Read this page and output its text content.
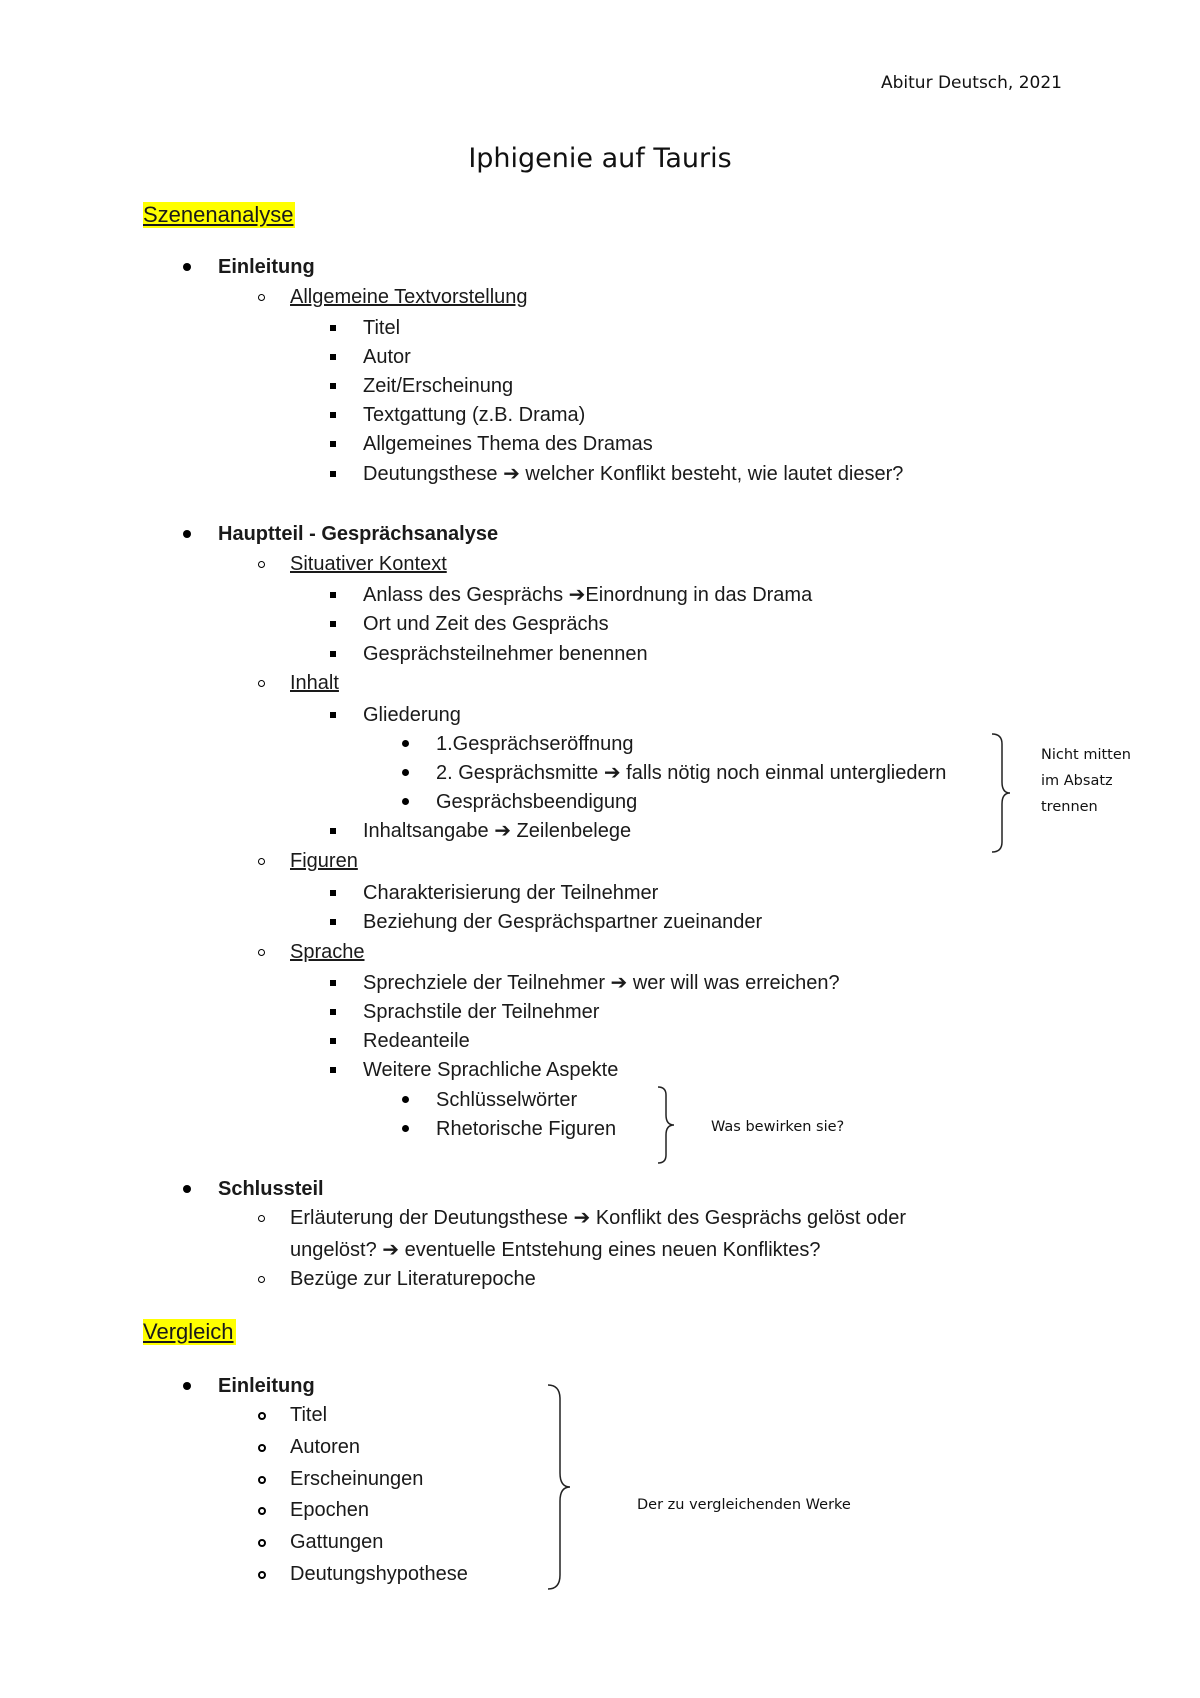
Abitur Deutsch, 2021
Iphigenie auf Tauris
Szenenanalyse
Einleitung
Allgemeine Textvorstellung
Titel
Autor
Zeit/Erscheinung
Textgattung (z.B. Drama)
Allgemeines Thema des Dramas
Deutungsthese ➔ welcher Konflikt besteht, wie lautet dieser?
Hauptteil - Gesprächsanalyse
Situativer Kontext
Anlass des Gesprächs ➔Einordnung in das Drama
Ort und Zeit des Gesprächs
Gesprächsteilnehmer benennen
Inhalt
Gliederung
1.Gesprächseröffnung
2. Gesprächsmitte ➔ falls nötig noch einmal untergliedern
Gesprächsbeendigung
Inhaltsangabe ➔ Zeilenbelege
Figuren
Charakterisierung der Teilnehmer
Beziehung der Gesprächspartner zueinander
Sprache
Sprechziele der Teilnehmer ➔ wer will was erreichen?
Sprachstile der Teilnehmer
Redeanteile
Weitere Sprachliche Aspekte
Schlüsselwörter
Rhetorische Figuren
Schlussteil
Erläuterung der Deutungsthese ➔ Konflikt des Gesprächs gelöst oder
ungelöst? ➔ eventuelle Entstehung eines neuen Konfliktes?
Bezüge zur Literaturepoche
Vergleich
Einleitung
Titel
Autoren
Erscheinungen
Epochen
Gattungen
Deutungshypothese
Nicht mitten
im Absatz
trennen
Was bewirken sie?
Der zu vergleichenden Werke
